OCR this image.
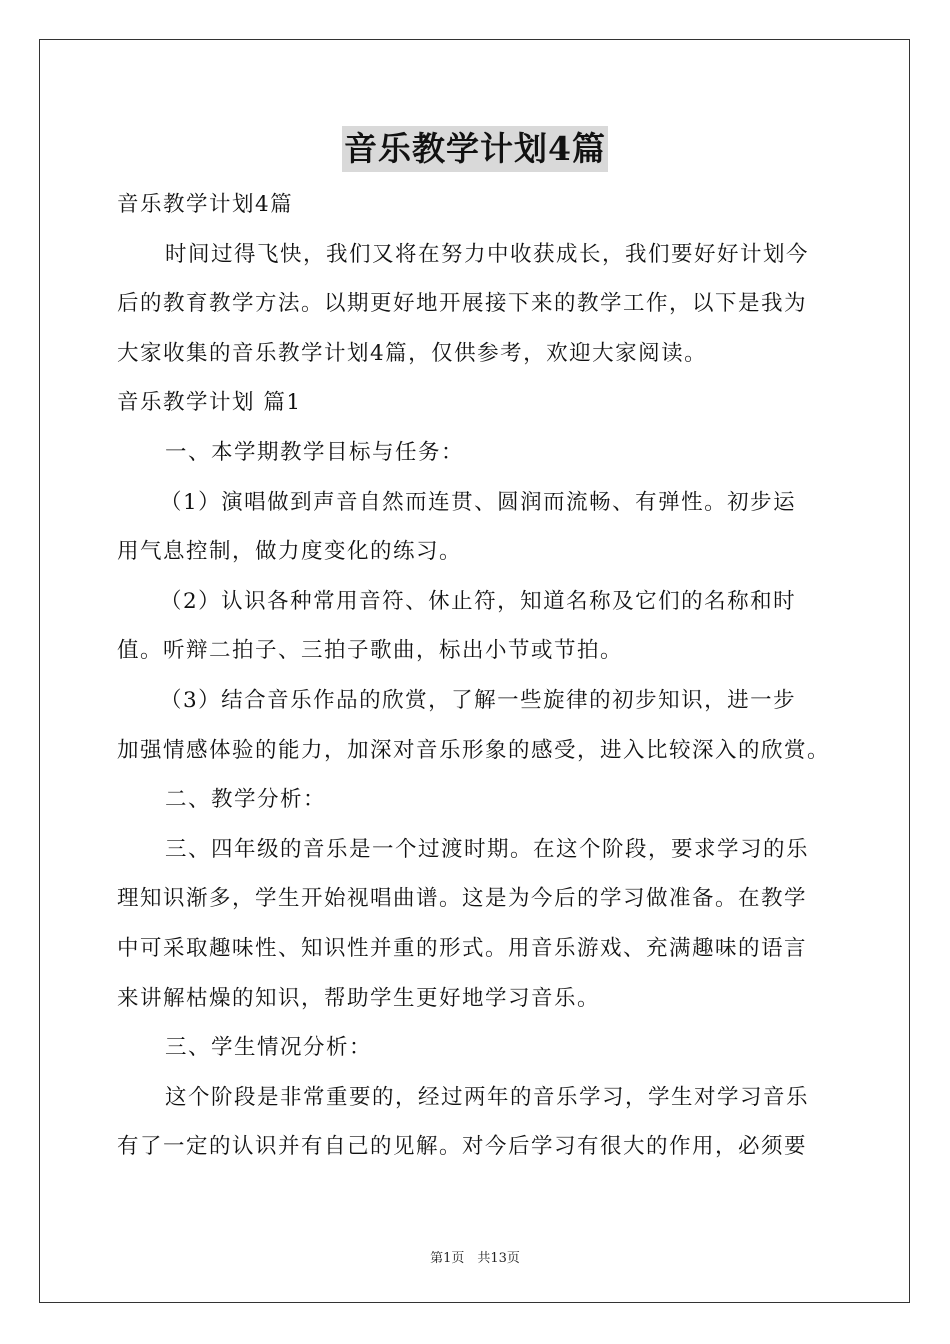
音乐教学计划4篇
音乐教学计划4篇
时间过得飞快，我们又将在努力中收获成长，我们要好好计划今
后的教育教学方法。以期更好地开展接下来的教学工作，以下是我为
大家收集的音乐教学计划4篇，仅供参考，欢迎大家阅读。
音乐教学计划 篇1
一、本学期教学目标与任务：
（1）演唱做到声音自然而连贯、圆润而流畅、有弹性。初步运
用气息控制，做力度变化的练习。
（2）认识各种常用音符、休止符，知道名称及它们的名称和时
值。听辩二拍子、三拍子歌曲，标出小节或节拍。
（3）结合音乐作品的欣赏，了解一些旋律的初步知识，进一步
加强情感体验的能力，加深对音乐形象的感受，进入比较深入的欣赏。
二、教学分析：
三、四年级的音乐是一个过渡时期。在这个阶段，要求学习的乐
理知识渐多，学生开始视唱曲谱。这是为今后的学习做准备。在教学
中可采取趣味性、知识性并重的形式。用音乐游戏、充满趣味的语言
来讲解枯燥的知识，帮助学生更好地学习音乐。
三、学生情况分析：
这个阶段是非常重要的，经过两年的音乐学习，学生对学习音乐
有了一定的认识并有自己的见解。对今后学习有很大的作用，必须要
第1页　共13页
